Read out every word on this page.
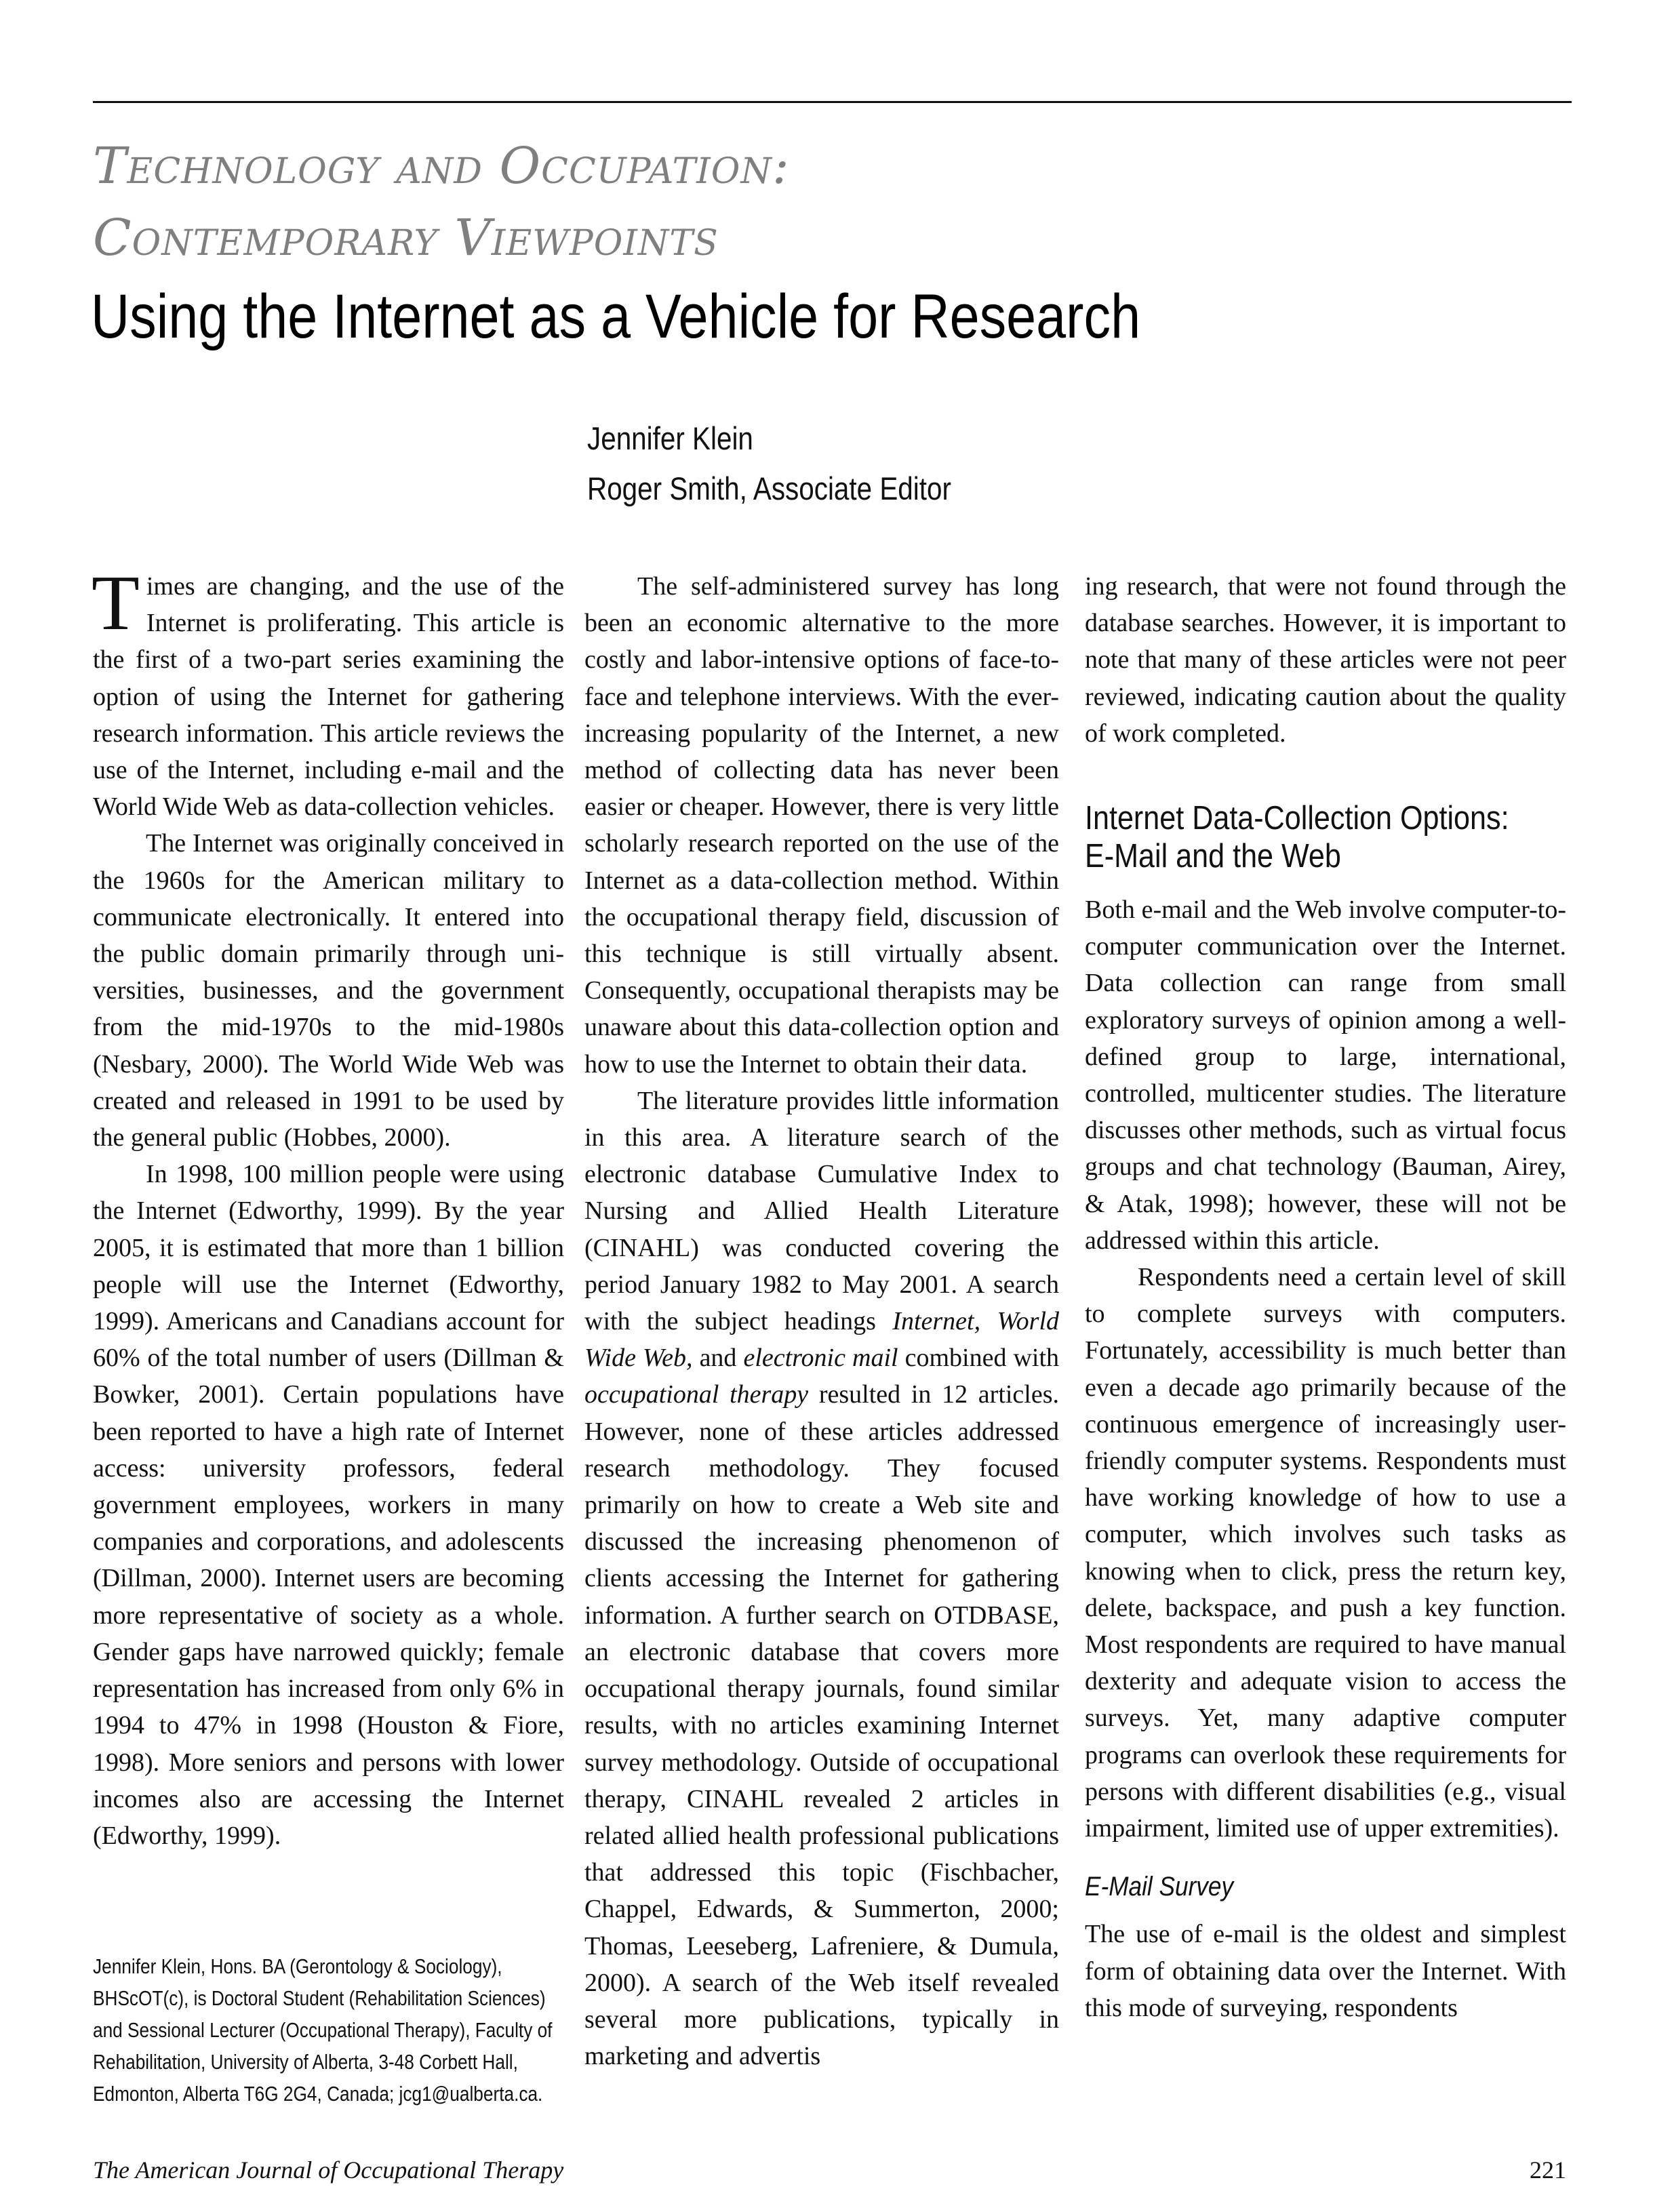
Technology and Occupation:
Contemporary Viewpoints
Using the Internet as a Vehicle for Research
Jennifer Klein
Roger Smith, Associate Editor

Times are changing, and the use of the Internet is proliferating. This article is the first of a two-part series examining the option of using the Internet for gathering research information. This article reviews the use of the Internet, including e-mail and the World Wide Web as data-collection vehicles.

The Internet was originally conceived in the 1960s for the American military to communicate electronically. It entered into the public domain primarily through universities, businesses, and the government from the mid-1970s to the mid-1980s (Nesbary, 2000). The World Wide Web was created and released in 1991 to be used by the general public (Hobbes, 2000).

In 1998, 100 million people were using the Internet (Edworthy, 1999). By the year 2005, it is estimated that more than 1 billion people will use the Internet (Edworthy, 1999). Americans and Canadians account for 60% of the total number of users (Dillman & Bowker, 2001). Certain populations have been reported to have a high rate of Internet access: university professors, federal government employees, workers in many companies and corporations, and adolescents (Dillman, 2000). Internet users are becoming more representative of society as a whole. Gender gaps have narrowed quickly; female representation has increased from only 6% in 1994 to 47% in 1998 (Houston & Fiore, 1998). More seniors and persons with lower incomes also are accessing the Internet (Edworthy, 1999).

Jennifer Klein, Hons. BA (Gerontology & Sociology), BHScOT(c), is Doctoral Student (Rehabilitation Sciences) and Sessional Lecturer (Occupational Therapy), Faculty of Rehabilitation, University of Alberta, 3-48 Corbett Hall, Edmonton, Alberta T6G 2G4, Canada; jcg1@ualberta.ca.

The self-administered survey has long been an economic alternative to the more costly and labor-intensive options of face-to-face and telephone interviews. With the ever-increasing popularity of the Internet, a new method of collecting data has never been easier or cheaper. However, there is very little scholarly research reported on the use of the Internet as a data-collection method. Within the occupational therapy field, discussion of this technique is still virtually absent. Consequently, occupational therapists may be unaware about this data-collection option and how to use the Internet to obtain their data.

The literature provides little information in this area. A literature search of the electronic database Cumulative Index to Nursing and Allied Health Literature (CINAHL) was conducted covering the period January 1982 to May 2001. A search with the subject headings Internet, World Wide Web, and electronic mail combined with occupational therapy resulted in 12 articles. However, none of these articles addressed research methodology. They focused primarily on how to create a Web site and discussed the increasing phenomenon of clients accessing the Internet for gathering information. A further search on OTDBASE, an electronic database that covers more occupational therapy journals, found similar results, with no articles examining Internet survey methodology. Outside of occupational therapy, CINAHL revealed 2 articles in related allied health professional publications that addressed this topic (Fischbacher, Chappel, Edwards, & Summerton, 2000; Thomas, Leeseberg, Lafreniere, & Dumula, 2000). A search of the Web itself revealed several more publications, typically in marketing and advertis

ing research, that were not found through the database searches. However, it is important to note that many of these articles were not peer reviewed, indicating caution about the quality of work completed.

Internet Data-Collection Options:
E-Mail and the Web

Both e-mail and the Web involve computer-to-computer communication over the Internet. Data collection can range from small exploratory surveys of opinion among a well-defined group to large, international, controlled, multicenter studies. The literature discusses other methods, such as virtual focus groups and chat technology (Bauman, Airey, & Atak, 1998); however, these will not be addressed within this article.

Respondents need a certain level of skill to complete surveys with computers. Fortunately, accessibility is much better than even a decade ago primarily because of the continuous emergence of increasingly user-friendly computer systems. Respondents must have working knowledge of how to use a computer, which involves such tasks as knowing when to click, press the return key, delete, backspace, and push a key function. Most respondents are required to have manual dexterity and adequate vision to access the surveys. Yet, many adaptive computer programs can overlook these requirements for persons with different disabilities (e.g., visual impairment, limited use of upper extremities).

E-Mail Survey

The use of e-mail is the oldest and simplest form of obtaining data over the Internet. With this mode of surveying, respondents

The American Journal of Occupational Therapy	221
